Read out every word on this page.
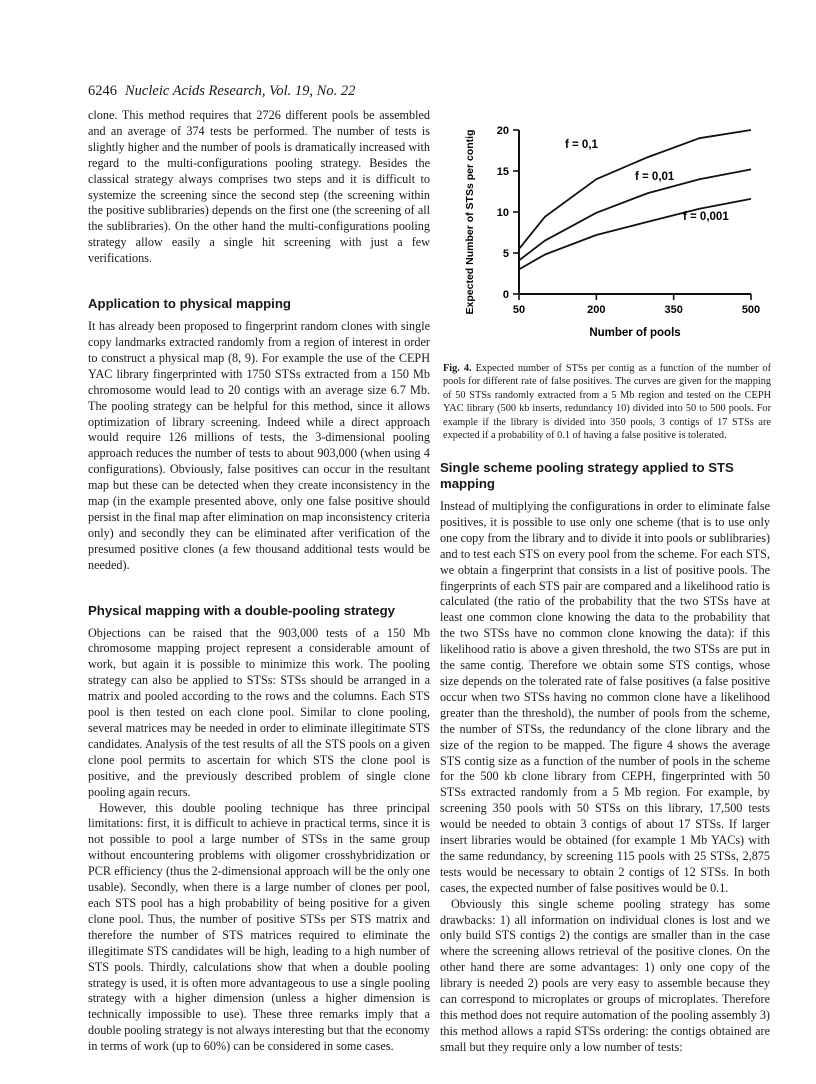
6246 Nucleic Acids Research, Vol. 19, No. 22

clone. This method requires that 2726 different pools be assembled and an average of 374 tests be performed. The number of tests is slightly higher and the number of pools is dramatically increased with regard to the multi-configurations pooling strategy. Besides the classical strategy always comprises two steps and it is difficult to systemize the screening since the second step (the screening within the positive sublibraries) depends on the first one (the screening of all the sublibraries). On the other hand the multi-configurations pooling strategy allow easily a single hit screening with just a few verifications.

Application to physical mapping

It has already been proposed to fingerprint random clones with single copy landmarks extracted randomly from a region of interest in order to construct a physical map (8, 9). For example the use of the CEPH YAC library fingerprinted with 1750 STSs extracted from a 150 Mb chromosome would lead to 20 contigs with an average size 6.7 Mb. The pooling strategy can be helpful for this method, since it allows optimization of library screening. Indeed while a direct approach would require 126 millions of tests, the 3-dimensional pooling approach reduces the number of tests to about 903,000 (when using 4 configurations). Obviously, false positives can occur in the resultant map but these can be detected when they create inconsistency in the map (in the example presented above, only one false positive should persist in the final map after elimination on map inconsistency criteria only) and secondly they can be eliminated after verification of the presumed positive clones (a few thousand additional tests would be needed).

Physical mapping with a double-pooling strategy

Objections can be raised that the 903,000 tests of a 150 Mb chromosome mapping project represent a considerable amount of work, but again it is possible to minimize this work. The pooling strategy can also be applied to STSs: STSs should be arranged in a matrix and pooled according to the rows and the columns. Each STS pool is then tested on each clone pool. Similar to clone pooling, several matrices may be needed in order to eliminate illegitimate STS candidates. Analysis of the test results of all the STS pools on a given clone pool permits to ascertain for which STS the clone pool is positive, and the previously described problem of single clone pooling again recurs.

However, this double pooling technique has three principal limitations: first, it is difficult to achieve in practical terms, since it is not possible to pool a large number of STSs in the same group without encountering problems with oligomer crosshybridization or PCR efficiency (thus the 2-dimensional approach will be the only one usable). Secondly, when there is a large number of clones per pool, each STS pool has a high probability of being positive for a given clone pool. Thus, the number of positive STSs per STS matrix and therefore the number of STS matrices required to eliminate the illegitimate STS candidates will be high, leading to a high number of STS pools. Thirdly, calculations show that when a double pooling strategy is used, it is often more advantageous to use a single pooling strategy with a higher dimension (unless a higher dimension is technically impossible to use). These three remarks imply that a double pooling strategy is not always interesting but that the economy in terms of work (up to 60%) can be considered in some cases.

0
5
10
15
20
50	200	350	500
Number of pools
Expected Number of STSs per contig	f = 0,1
f = 0,01
f = 0,001
Fig. 4. Expected number of STSs per contig as a function of the number of pools for different rate of false positives. The curves are given for the mapping of 50 STSs randomly extracted from a 5 Mb region and tested on the CEPH YAC library (500 kb inserts, redundancy 10) divided into 50 to 500 pools. For example if the library is divided into 350 pools, 3 contigs of 17 STSs are expected if a probability of 0.1 of having a false positive is tolerated.
Single scheme pooling strategy applied to STS mapping

Instead of multiplying the configurations in order to eliminate false positives, it is possible to use only one scheme (that is to use only one copy from the library and to divide it into pools or sublibraries) and to test each STS on every pool from the scheme. For each STS, we obtain a fingerprint that consists in a list of positive pools. The fingerprints of each STS pair are compared and a likelihood ratio is calculated (the ratio of the probability that the two STSs have at least one common clone knowing the data to the probability that the two STSs have no common clone knowing the data): if this likelihood ratio is above a given threshold, the two STSs are put in the same contig. Therefore we obtain some STS contigs, whose size depends on the tolerated rate of false positives (a false positive occur when two STSs having no common clone have a likelihood greater than the threshold), the number of pools from the scheme, the number of STSs, the redundancy of the clone library and the size of the region to be mapped. The figure 4 shows the average STS contig size as a function of the number of pools in the scheme for the 500 kb clone library from CEPH, fingerprinted with 50 STSs extracted randomly from a 5 Mb region. For example, by screening 350 pools with 50 STSs on this library, 17,500 tests would be needed to obtain 3 contigs of about 17 STSs. If larger insert libraries would be obtained (for example 1 Mb YACs) with the same redundancy, by screening 115 pools with 25 STSs, 2,875 tests would be necessary to obtain 2 contigs of 12 STSs. In both cases, the expected number of false positives would be 0.1.

Obviously this single scheme pooling strategy has some drawbacks: 1) all information on individual clones is lost and we only build STS contigs 2) the contigs are smaller than in the case where the screening allows retrieval of the positive clones. On the other hand there are some advantages: 1) only one copy of the library is needed 2) pools are very easy to assemble because they can correspond to microplates or groups of microplates. Therefore this method does not require automation of the pooling assembly 3) this method allows a rapid STSs ordering: the contigs obtained are small but they require only a low number of tests:
